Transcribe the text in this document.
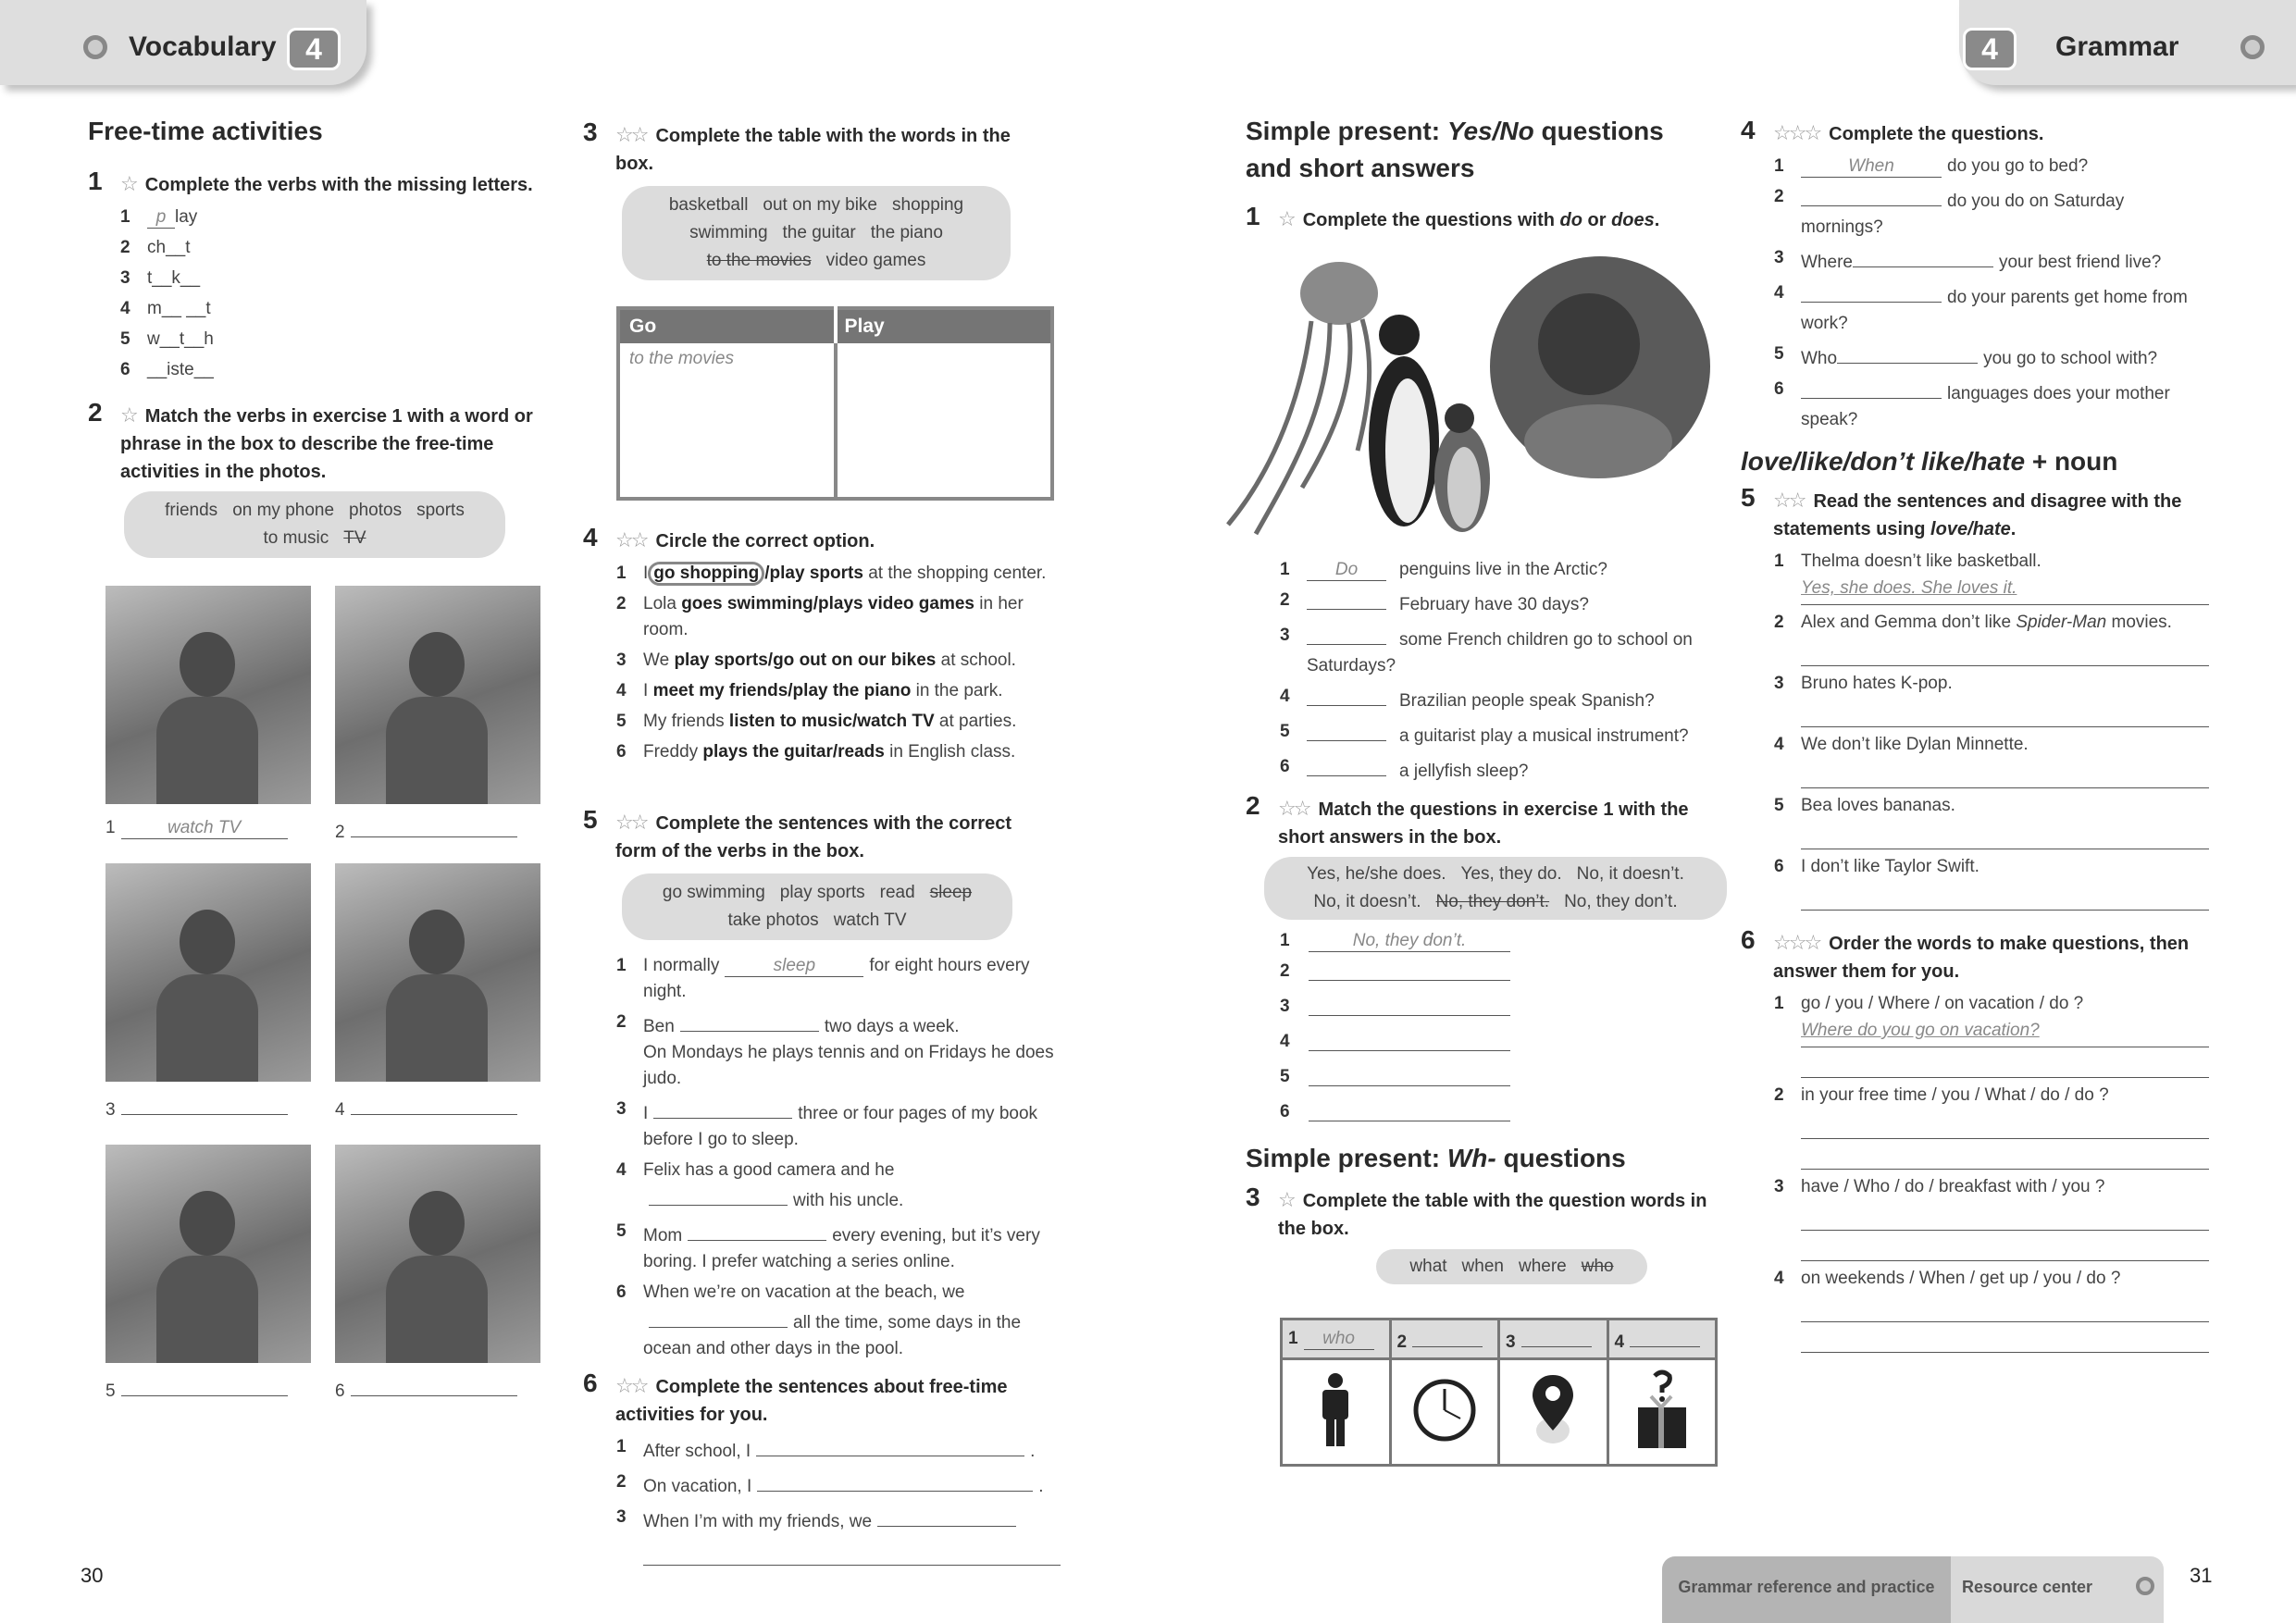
Vocabulary 4	4	Grammar
Free-time activities
1 ☆ Complete the verbs with the missing letters.
1 p lay
2 ch__t
3 t__k__
4 m__ __t
5 w__t__h
6 __iste__
2 ☆ Match the verbs in exercise 1 with a word or phrase in the box to describe the free-time activities in the photos.
friends on my phone photos sports
to music TV
1	watch TV	2
3	4
5	6
3 ☆☆ Complete the table with the words in the box.
basketball out on my bike shopping
swimming the guitar the piano
to the movies video games
Go	Play
to the movies	
4 ☆☆ Circle the correct option.
1 I go shopping /play sports at the shopping center.
2 Lola goes swimming/plays video games in her room.
3 We play sports/go out on our bikes at school.
4 I meet my friends/play the piano in the park.
5 My friends listen to music/watch TV at parties.
6 Freddy plays the guitar/reads in English class.
5 ☆☆ Complete the sentences with the correct form of the verbs in the box.
go swimming play sports read sleep
take photos watch TV
1 I normally	sleep	for eight hours every night.
2 Ben	two days a week.
On Mondays he plays tennis and on Fridays he does judo.
3 I	three or four pages of my book before I go to sleep.
4 Felix has a good camera and he
with his uncle.
5 Mom	every evening, but it’s very boring. I prefer watching a series online.
6 When we’re on vacation at the beach, we
all the time, some days in the ocean and other days in the pool.
6 ☆☆ Complete the sentences about free-time activities for you.
1 After school, I	.
2 On vacation, I	.
3 When I’m with my friends, we
Simple present: Yes/No questions
and short answers
1 ☆ Complete the questions with do or does.
1	Do penguins live in the Arctic?
2	February have 30 days?
3	some French children go to school on Saturdays?
4	Brazilian people speak Spanish?
5	a guitarist play a musical instrument?
6	a jellyfish sleep?
2 ☆☆ Match the questions in exercise 1 with the short answers in the box.
Yes, he/she does. Yes, they do. No, it doesn’t.
No, it doesn’t. No, they don’t. No, they don’t.
1	No, they don’t.
2
3
4
5
6
Simple present: Wh- questions
3 ☆ Complete the table with the question words in the box.
what when where who
1 who	2	3	4

4 ☆☆☆ Complete the questions.
1	When	do you go to bed?
2	do you do on Saturday mornings?
3 Where	your best friend live?
4	do your parents get home from work?
5 Who	you go to school with?
6	languages does your mother speak?
love/like/don’t like/hate + noun
5 ☆☆ Read the sentences and disagree with the statements using love/hate.
1 Thelma doesn’t like basketball.
Yes, she does. She loves it.
2 Alex and Gemma don’t like Spider-Man movies.
3 Bruno hates K-pop.
4 We don’t like Dylan Minnette.
5 Bea loves bananas.
6 I don’t like Taylor Swift.
6 ☆☆☆ Order the words to make questions, then answer them for you.
1 go / you / Where / on vacation / do ?
Where do you go on vacation?
2 in your free time / you / What / do / do ?
3 have / Who / do / breakfast with / you ?
4 on weekends / When / get up / you / do ?
30	31
Grammar reference and practice	Resource center
